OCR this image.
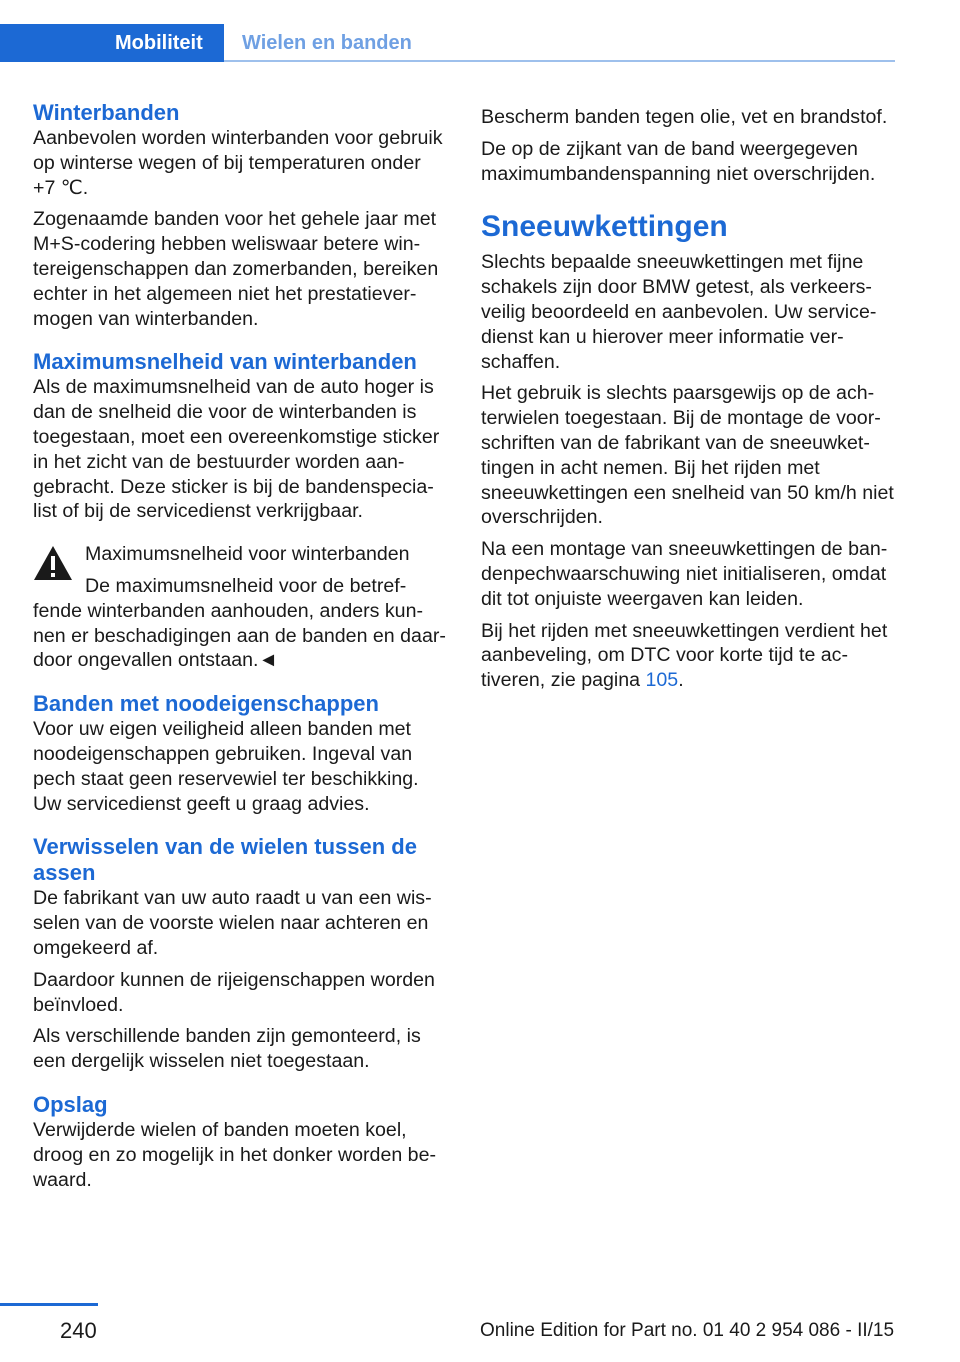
Mobiliteit	Wielen en banden
Winterbanden

Aanbevolen worden winterbanden voor gebruik op winterse wegen of bij temperaturen onder +7 ℃.

Zogenaamde banden voor het gehele jaar met M+S-codering hebben weliswaar betere wintereigenschappen dan zomerbanden, bereiken echter in het algemeen niet het prestatievermogen van winterbanden.

Maximumsnelheid van winterbanden

Als de maximumsnelheid van de auto hoger is dan de snelheid die voor de winterbanden is toegestaan, moet een overeenkomstige sticker in het zicht van de bestuurder worden aangebracht. Deze sticker is bij de bandenspecialist of bij de servicedienst verkrijgbaar.

Maximumsnelheid voor winterbanden

De maximumsnelheid voor de betreffende winterbanden aanhouden, anders kunnen er beschadigingen aan de banden en daardoor ongevallen ontstaan.◄

Banden met noodeigenschappen

Voor uw eigen veiligheid alleen banden met noodeigenschappen gebruiken. Ingeval van pech staat geen reservewiel ter beschikking. Uw servicedienst geeft u graag advies.

Verwisselen van de wielen tussen de assen

De fabrikant van uw auto raadt u van een wisselen van de voorste wielen naar achteren en omgekeerd af.

Daardoor kunnen de rijeigenschappen worden beïnvloed.

Als verschillende banden zijn gemonteerd, is een dergelijk wisselen niet toegestaan.

Opslag

Verwijderde wielen of banden moeten koel, droog en zo mogelijk in het donker worden bewaard.

Bescherm banden tegen olie, vet en brandstof.

De op de zijkant van de band weergegeven maximumbandenspanning niet overschrijden.

Sneeuwkettingen

Slechts bepaalde sneeuwkettingen met fijne schakels zijn door BMW getest, als verkeersveilig beoordeeld en aanbevolen. Uw servicedienst kan u hierover meer informatie verschaffen.

Het gebruik is slechts paarsgewijs op de achterwielen toegestaan. Bij de montage de voorschriften van de fabrikant van de sneeuwkettingen in acht nemen. Bij het rijden met sneeuwkettingen een snelheid van 50 km/h niet overschrijden.

Na een montage van sneeuwkettingen de bandenpechwaarschuwing niet initialiseren, omdat dit tot onjuiste weergaven kan leiden.

Bij het rijden met sneeuwkettingen verdient het aanbeveling, om DTC voor korte tijd te activeren, zie pagina 105.

240	Online Edition for Part no. 01 40 2 954 086 - II/15
